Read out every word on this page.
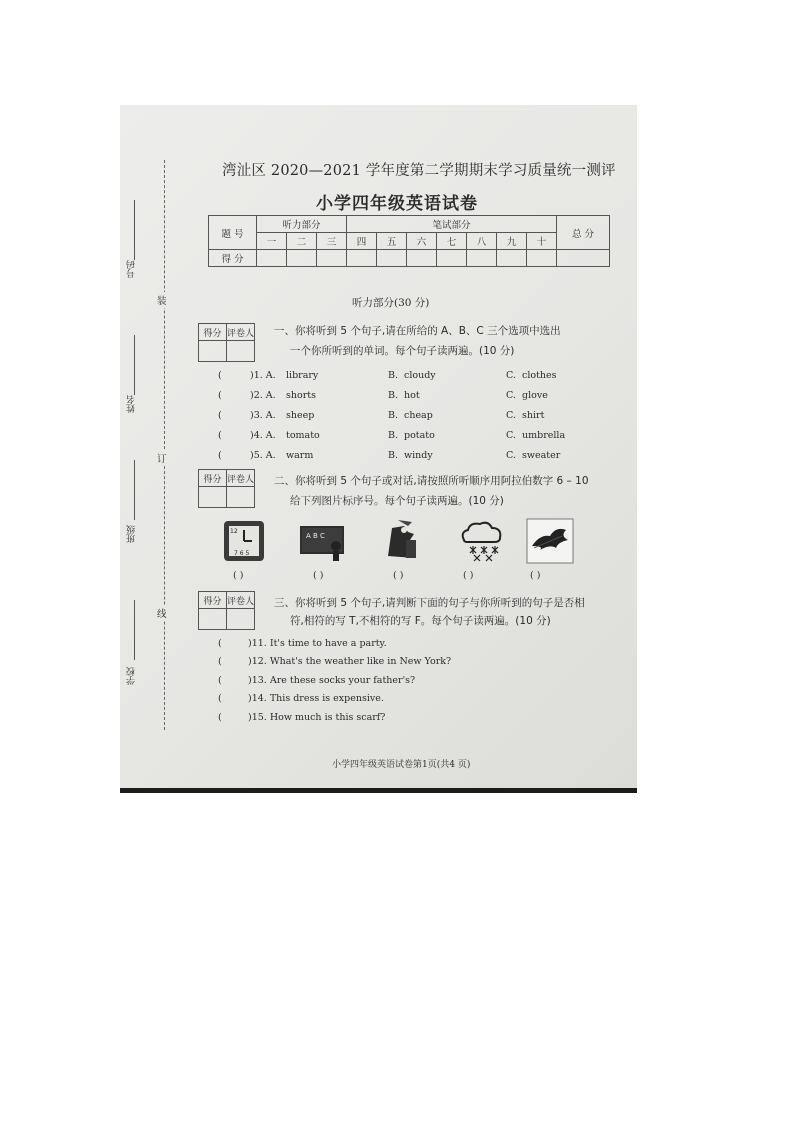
号码
姓名
班级
学校
装
订
线
湾沚区 2020—2021 学年度第二学期期末学习质量统一测评
小学四年级英语试卷
题 号	听力部分			笔试部分							总 分
	一	二	三	四	五	六	七	八	九	十	
得 分											
听力部分(30 分)
得分	评卷人
	一、你将听到 5 个句子,请在所给的 A、B、C 三个选项中选出
一个你所听到的单词。每个句子读两遍。(10 分)
(	)1. A. library	B. cloudy	C. clothes
(	)2. A. shorts	B. hot	C. glove
(	)3. A. sheep	B. cheap	C. shirt
(	)4. A. tomato	B. potato	C. umbrella
(	)5. A. warm	B. windy	C. sweater
得分	评卷人
	二、你将听到 5 个句子或对话,请按照所听顺序用阿拉伯数字 6 – 10
给下列图片标序号。每个句子读两遍。(10 分)
12
7 6 5
A B C
( )	( )	( )	( )	( )
得分	评卷人
	三、你将听到 5 个句子,请判断下面的句子与你所听到的句子是否相
符,相符的写 T,不相符的写 F。每个句子读两遍。(10 分)
(	)11. It's time to have a party.
(	)12. What's the weather like in New York?
(	)13. Are these socks your father's?
(	)14. This dress is expensive.
(	)15. How much is this scarf?
小学四年级英语试卷第1页(共4 页)
